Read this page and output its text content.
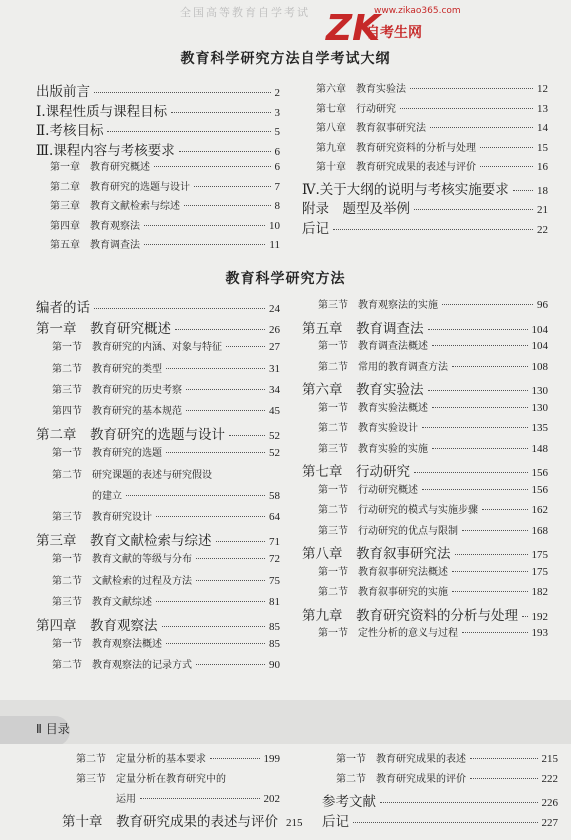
全国高等教育自学考试 ZK
www.zikao365.com
自考生网
教育科学研究方法自学考试大纲
出版前言	2
Ⅰ.课程性质与课程目标	3
Ⅱ.考核目标	5
Ⅲ.课程内容与考核要求	6
第一章　教育研究概述	6
第二章　教育研究的选题与设计	7
第三章　教育文献检索与综述	8
第四章　教育观察法	10
第五章　教育调查法	11
第六章　教育实验法	12
第七章　行动研究	13
第八章　教育叙事研究法	14
第九章　教育研究资料的分析与处理	15
第十章　教育研究成果的表述与评价	16
Ⅳ.关于大纲的说明与考核实施要求	18
附录　题型及举例	21
后记	22
教育科学研究方法
编者的话	24
第一章　教育研究概述	26
第一节　教育研究的内涵、对象与特征	27
第二节　教育研究的类型	31
第三节　教育研究的历史考察	34
第四节　教育研究的基本规范	45
第二章　教育研究的选题与设计	52
第一节　教育研究的选题	52
第二节　研究课题的表述与研究假设
　　　　的建立	58
第三节　教育研究设计	64
第三章　教育文献检索与综述	71
第一节　教育文献的等级与分布	72
第二节　文献检索的过程及方法	75
第三节　教育文献综述	81
第四章　教育观察法	85
第一节　教育观察法概述	85
第二节　教育观察法的记录方式	90
第三节　教育观察法的实施	96
第五章　教育调查法	104
第一节　教育调查法概述	104
第二节　常用的教育调查方法	108
第六章　教育实验法	130
第一节　教育实验法概述	130
第二节　教育实验设计	135
第三节　教育实验的实施	148
第七章　行动研究	156
第一节　行动研究概述	156
第二节　行动研究的模式与实施步骤	162
第三节　行动研究的优点与限制	168
第八章　教育叙事研究法	175
第一节　教育叙事研究法概述	175
第二节　教育叙事研究的实施	182
第九章　教育研究资料的分析与处理 192
第一节　定性分析的意义与过程	193
Ⅱ 目录
第二节　定量分析的基本要求	199
第三节　定量分析在教育研究中的
　　　　运用	202
第十章　教育研究成果的表述与评价 215
第一节　教育研究成果的表述	215
第二节　教育研究成果的评价	222
参考文献	226
后记	227
